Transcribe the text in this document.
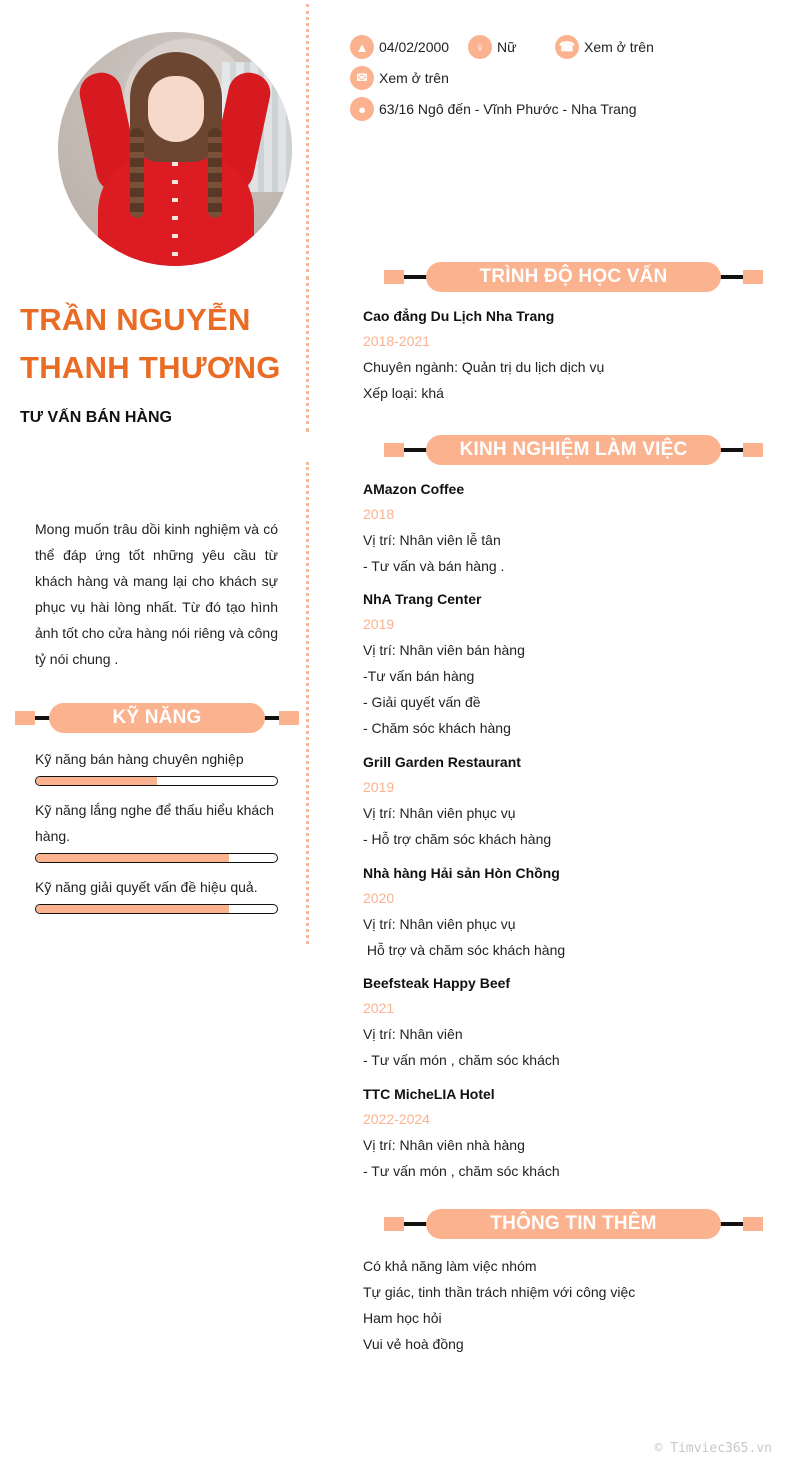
TRẦN NGUYỄN
THANH THƯƠNG
TƯ VẤN BÁN HÀNG
Mong muốn trâu dồi kinh nghiệm và có thể đáp ứng tốt những yêu cầu từ khách hàng và mang lại cho khách sự phục vụ hài lòng nhất. Từ đó tạo hình ảnh tốt cho cửa hàng nói riêng và công tỷ nói chung .
KỸ NĂNG
Kỹ năng bán hàng chuyên nghiệp
Kỹ năng lắng nghe để thấu hiểu khách hàng.
Kỹ năng giải quyết vấn đề hiệu quả.
▲ 04/02/2000	♀ Nữ	☎ Xem ở trên
✉ Xem ở trên
● 63/16 Ngô đến - Vĩnh Phước - Nha Trang
TRÌNH ĐỘ HỌC VẤN
Cao đẳng Du Lịch Nha Trang
2018-2021
Chuyên ngành: Quản trị du lịch dịch vụ
Xếp loại: khá
KINH NGHIỆM LÀM VIỆC
AMazon Coffee
2018
Vị trí: Nhân viên lễ tân
- Tư vấn và bán hàng .
NhA Trang Center
2019
Vị trí: Nhân viên bán hàng
-Tư vấn bán hàng
- Giải quyết vấn đề
- Chăm sóc khách hàng
Grill Garden Restaurant
2019
Vị trí: Nhân viên phục vụ
- Hỗ trợ chăm sóc khách hàng
Nhà hàng Hải sản Hòn Chồng
2020
Vị trí: Nhân viên phục vụ
Hỗ trợ và chăm sóc khách hàng
Beefsteak Happy Beef
2021
Vị trí: Nhân viên
- Tư vấn món , chăm sóc khách
TTC MicheLIA Hotel
2022-2024
Vị trí: Nhân viên nhà hàng
- Tư vấn món , chăm sóc khách
THÔNG TIN THÊM
Có khả năng làm việc nhóm
Tự giác, tinh thần trách nhiệm với công việc
Ham học hỏi
Vui vẻ hoà đồng
© Timviec365.vn
